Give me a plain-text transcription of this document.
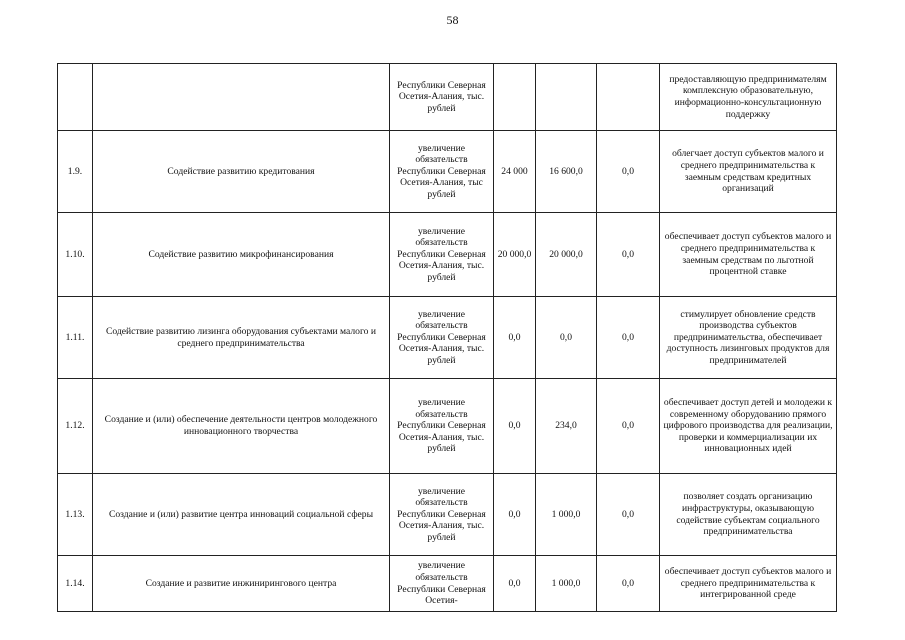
58
		Республики Северная Осетия-Алания, тыс. рублей				предоставляющую предпринимателям комплексную образовательную, информационно-консультационную поддержку
1.9.	Содействие развитию кредитования	увеличение обязательств Республики Северная Осетия-Алания, тыс рублей	24 000	16 600,0	0,0	облегчает доступ субъектов малого и среднего предпринимательства к заемным средствам кредитных организаций
1.10.	Содействие развитию микрофинансирования	увеличение обязательств Республики Северная Осетия-Алания, тыс. рублей	20 000,0	20 000,0	0,0	обеспечивает доступ субъектов малого и среднего предпринимательства к заемным средствам по льготной процентной ставке
1.11.	Содействие развитию лизинга оборудования субъектами малого и среднего предпринимательства	увеличение обязательств Республики Северная Осетия-Алания, тыс. рублей	0,0	0,0	0,0	стимулирует обновление средств производства субъектов предпринимательства, обеспечивает доступность лизинговых продуктов для предпринимателей
1.12.	Создание и (или) обеспечение деятельности центров молодежного инновационного творчества	увеличение обязательств Республики Северная Осетия-Алания, тыс. рублей	0,0	234,0	0,0	обеспечивает доступ детей и молодежи к современному оборудованию прямого цифрового производства для реализации, проверки и коммерциализации их инновационных идей
1.13.	Создание и (или) развитие центра инноваций социальной сферы	увеличение обязательств Республики Северная Осетия-Алания, тыс. рублей	0,0	1 000,0	0,0	позволяет создать организацию инфраструктуры, оказывающую содействие субъектам социального предпринимательства
1.14.	Создание и развитие инжинирингового центра	увеличение обязательств Республики Северная Осетия-	0,0	1 000,0	0,0	обеспечивает доступ субъектов малого и среднего предпринимательства к интегрированной среде
